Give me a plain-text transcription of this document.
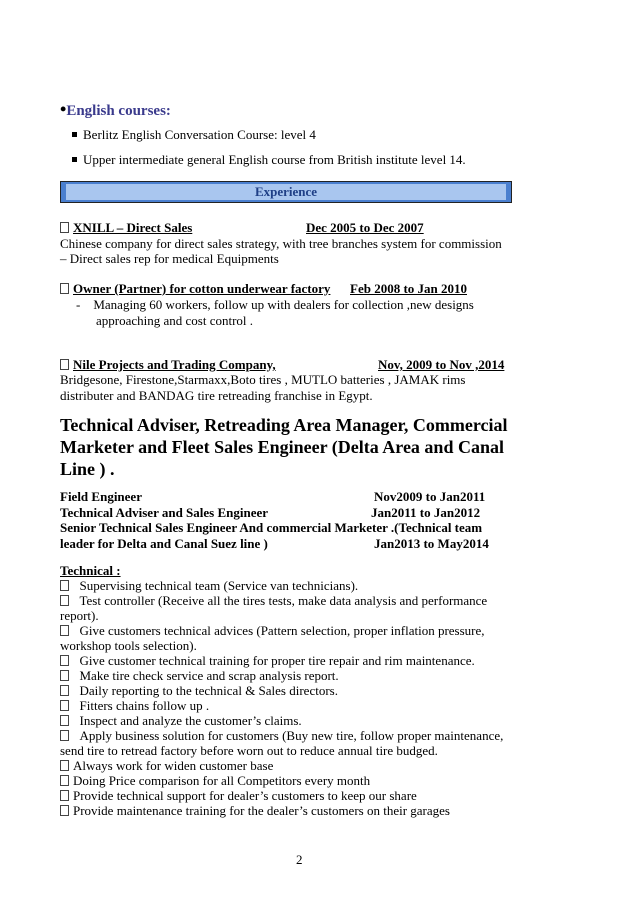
•English courses:
Berlitz English Conversation Course: level 4
Upper intermediate general English course from British institute level 14.
Experience
XNILL – Direct Sales	Dec 2005 to Dec 2007
Chinese company for direct sales strategy, with tree branches system for commission
– Direct sales rep for medical Equipments
Owner (Partner) for cotton underwear factory Feb 2008 to Jan 2010
-    Managing 60 workers, follow up with dealers for collection ,new designs
approaching and cost control .
Nile Projects and Trading Company,	Nov, 2009 to Nov ,2014
Bridgesone, Firestone,Starmaxx,Boto tires , MUTLO batteries , JAMAK rims
distributer and BANDAG tire retreading franchise in Egypt.
Technical Adviser, Retreading Area Manager, Commercial
Marketer and Fleet Sales Engineer (Delta Area and Canal
Line ) .
Field Engineer	Nov2009 to Jan2011
Technical Adviser and Sales Engineer	Jan2011 to Jan2012
Senior Technical Sales Engineer And commercial Marketer .(Technical team
leader for Delta and Canal Suez line )	Jan2013 to May2014
Technical :
Supervising technical team (Service van technicians).
Test controller (Receive all the tires tests, make data analysis and performance
report).
Give customers technical advices (Pattern selection, proper inflation pressure,
workshop tools selection).
Give customer technical training for proper tire repair and rim maintenance.
Make tire check service and scrap analysis report.
Daily reporting to the technical & Sales directors.
Fitters chains follow up .
Inspect and analyze the customer’s claims.
Apply business solution for customers (Buy new tire, follow proper maintenance,
send tire to retread factory before worn out to reduce annual tire budged.
Always work for widen customer base
Doing Price comparison for all Competitors every month
Provide technical support for dealer’s customers to keep our share
Provide maintenance training for the dealer’s customers on their garages
2
